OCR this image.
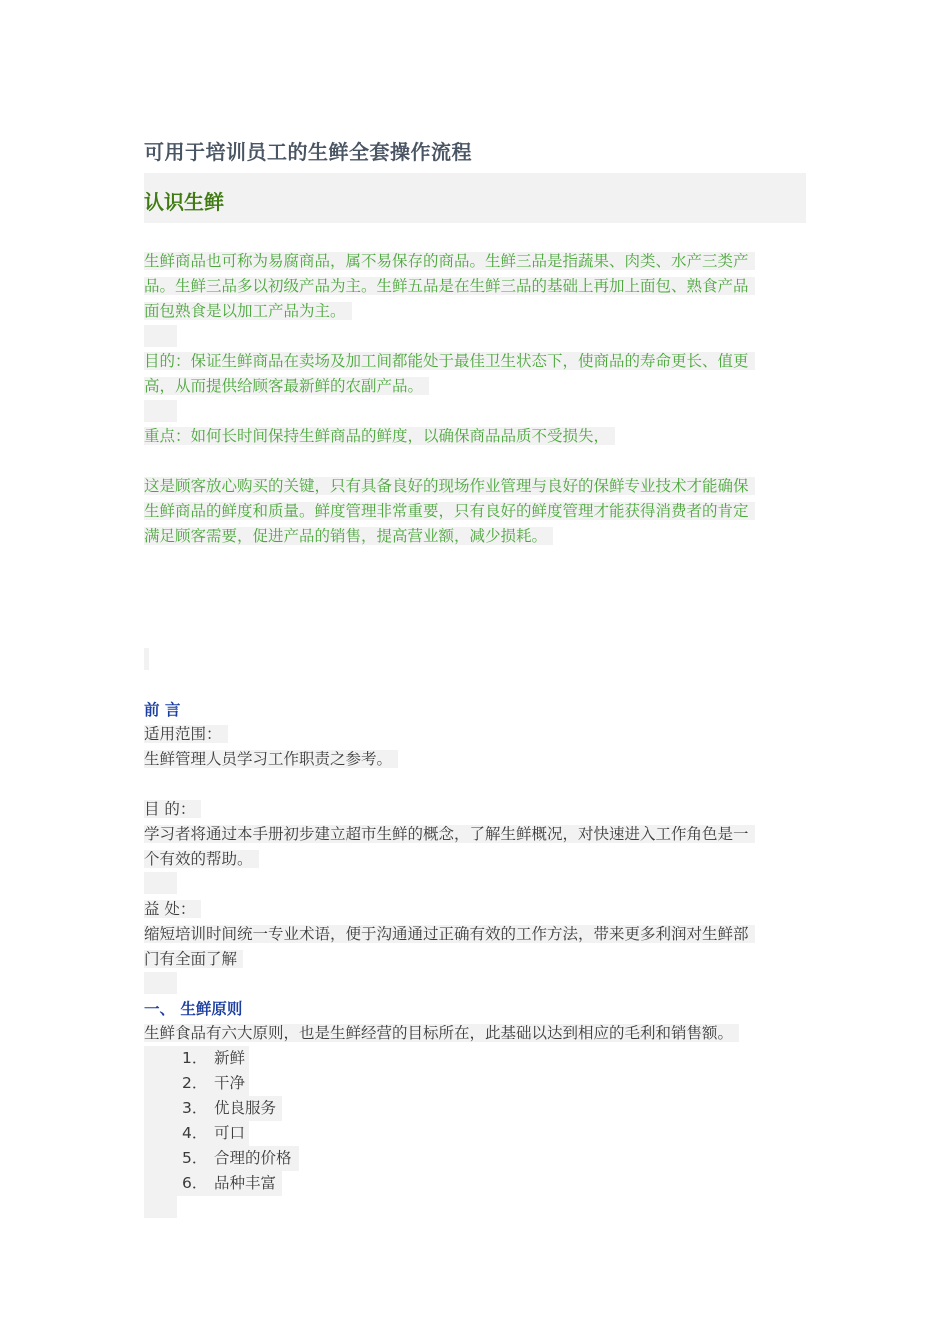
可用于培训员工的生鲜全套操作流程
认识生鲜
生鲜商品也可称为易腐商品，属不易保存的商品。生鲜三品是指蔬果、肉类、水产三类产
品。生鲜三品多以初级产品为主。生鲜五品是在生鲜三品的基础上再加上面包、熟食产品
面包熟食是以加工产品为主。
目的：保证生鲜商品在卖场及加工间都能处于最佳卫生状态下，使商品的寿命更长、值更
高，从而提供给顾客最新鲜的农副产品。
重点：如何长时间保持生鲜商品的鲜度，以确保商品品质不受损失，
这是顾客放心购买的关键，只有具备良好的现场作业管理与良好的保鲜专业技术才能确保
生鲜商品的鲜度和质量。鲜度管理非常重要，只有良好的鲜度管理才能获得消费者的肯定
满足顾客需要，促进产品的销售，提高营业额，减少损耗。
前 言
适用范围：
生鲜管理人员学习工作职责之参考。
目 的：
学习者将通过本手册初步建立超市生鲜的概念，了解生鲜概况，对快速进入工作角色是一
个有效的帮助。
益 处：
缩短培训时间统一专业术语，便于沟通通过正确有效的工作方法，带来更多利润对生鲜部
门有全面了解
一、 生鲜原则
生鲜食品有六大原则，也是生鲜经营的目标所在，此基础以达到相应的毛利和销售额。
1． 新鲜
2． 干净
3． 优良服务
4． 可口
5． 合理的价格
6． 品种丰富
